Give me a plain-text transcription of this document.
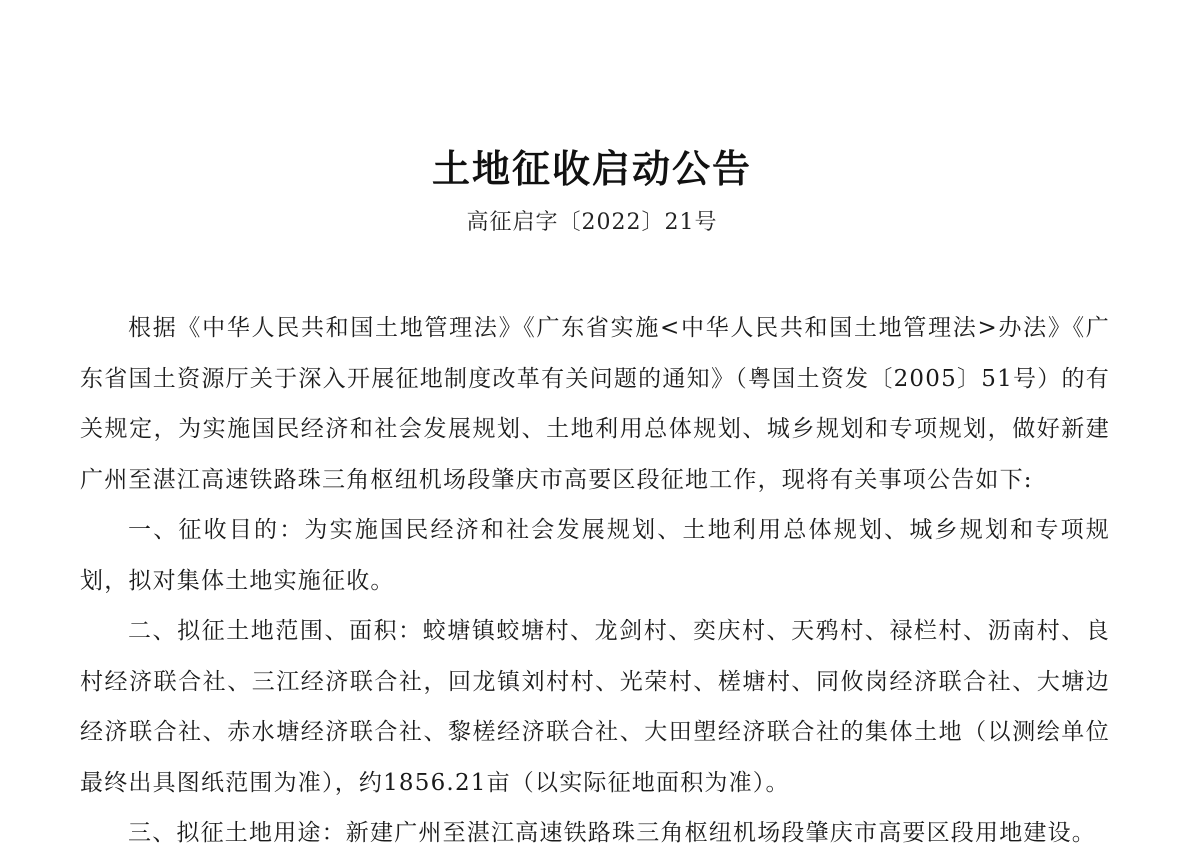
土地征收启动公告
高征启字〔2022〕21号

根据《中华人民共和国土地管理法》《广东省实施<中华人民共和国土地管理法>办法》《广东省国土资源厅关于深入开展征地制度改革有关问题的通知》（粤国土资发〔2005〕51号）的有关规定，为实施国民经济和社会发展规划、土地利用总体规划、城乡规划和专项规划，做好新建广州至湛江高速铁路珠三角枢纽机场段肇庆市高要区段征地工作，现将有关事项公告如下:

一、征收目的：为实施国民经济和社会发展规划、土地利用总体规划、城乡规划和专项规划，拟对集体土地实施征收。

二、拟征土地范围、面积：蛟塘镇蛟塘村、龙剑村、奕庆村、天鸦村、禄栏村、沥南村、良村经济联合社、三江经济联合社，回龙镇刘村村、光荣村、槎塘村、同攸岗经济联合社、大塘边经济联合社、赤水塘经济联合社、黎槎经济联合社、大田塱经济联合社的集体土地（以测绘单位最终出具图纸范围为准），约1856.21亩（以实际征地面积为准）。

三、拟征土地用途：新建广州至湛江高速铁路珠三角枢纽机场段肇庆市高要区段用地建设。
